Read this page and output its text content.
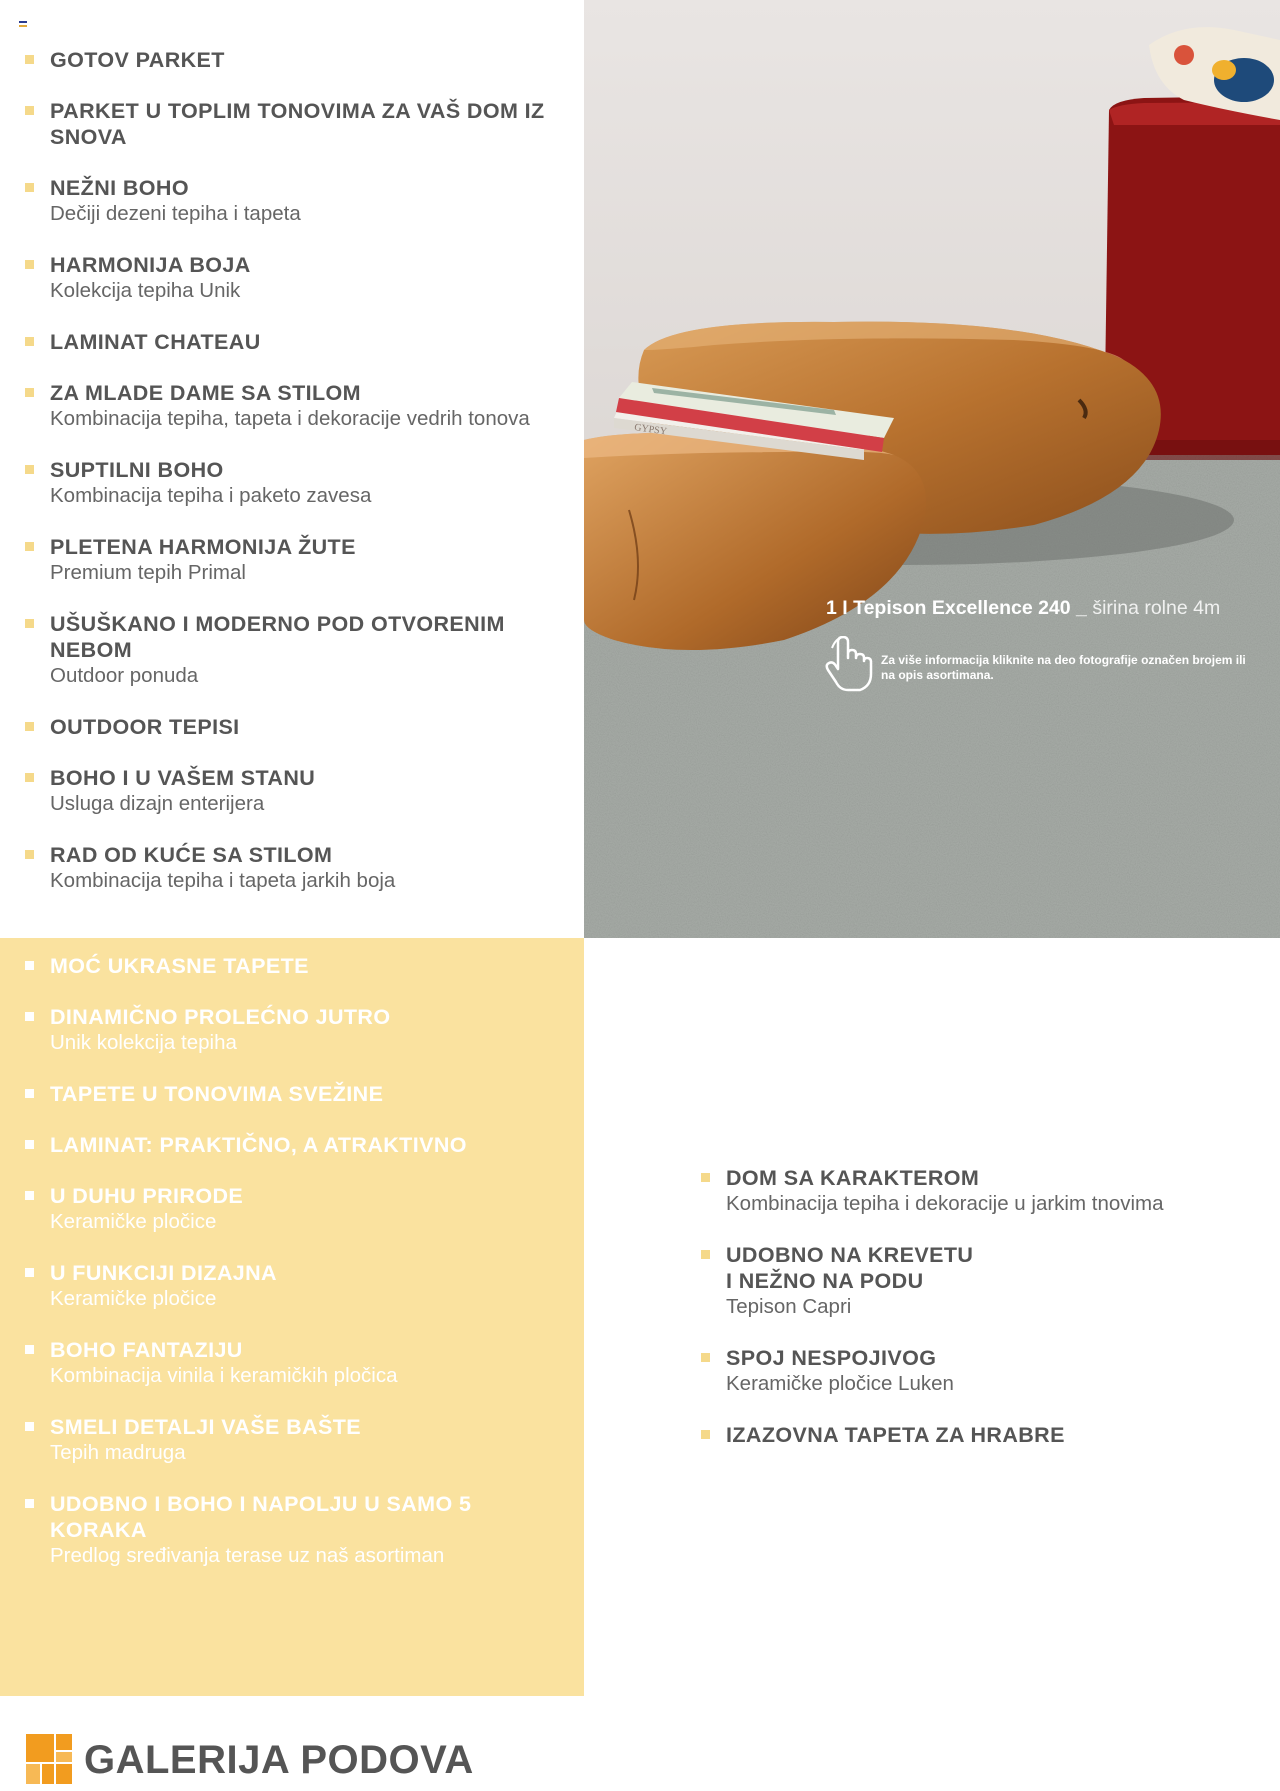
GOTOV PARKET
PARKET U TOPLIM TONOVIMA ZA VAŠ DOM IZ SNOVA
NEŽNI BOHO
Dečiji dezeni tepiha i tapeta
HARMONIJA BOJA
Kolekcija tepiha Unik
LAMINAT CHATEAU
ZA MLADE DAME SA STILOM
Kombinacija tepiha, tapeta i dekoracije vedrih tonova
SUPTILNI BOHO
Kombinacija tepiha i paketo zavesa
PLETENA HARMONIJA ŽUTE
Premium tepih Primal
UŠUŠKANO I MODERNO POD OTVORENIM NEBOM
Outdoor ponuda
OUTDOOR TEPISI
BOHO I U VAŠEM STANU
Usluga dizajn enterijera
RAD OD KUĆE SA STILOM
Kombinacija tepiha i tapeta jarkih boja
MOĆ UKRASNE TAPETE
DINAMIČNO PROLEĆNO JUTRO
Unik kolekcija tepiha
TAPETE U TONOVIMA SVEŽINE
LAMINAT: PRAKTIČNO, A ATRAKTIVNO
U DUHU PRIRODE
Keramičke pločice
U FUNKCIJI DIZAJNA
Keramičke pločice
BOHO FANTAZIJU
Kombinacija vinila i keramičkih pločica
SMELI DETALJI VAŠE BAŠTE
Tepih madruga
UDOBNO I BOHO I NAPOLJU U SAMO 5 KORAKA
Predlog sređivanja terase uz naš asortiman
DOM SA KARAKTEROM
Kombinacija tepiha i dekoracije u jarkim tnovima
UDOBNO NA KREVETU
I NEŽNO NA PODU
Tepison Capri
SPOJ NESPOJIVOG
Keramičke pločice Luken
IZAZOVNA TAPETA ZA HRABRE
GYPSY
1 I Tepison Excellence 240 _ širina rolne 4m
Za više informacija kliknite na deo fotografije označen brojem ili na opis asortimana.
GALERIJA PODOVA
